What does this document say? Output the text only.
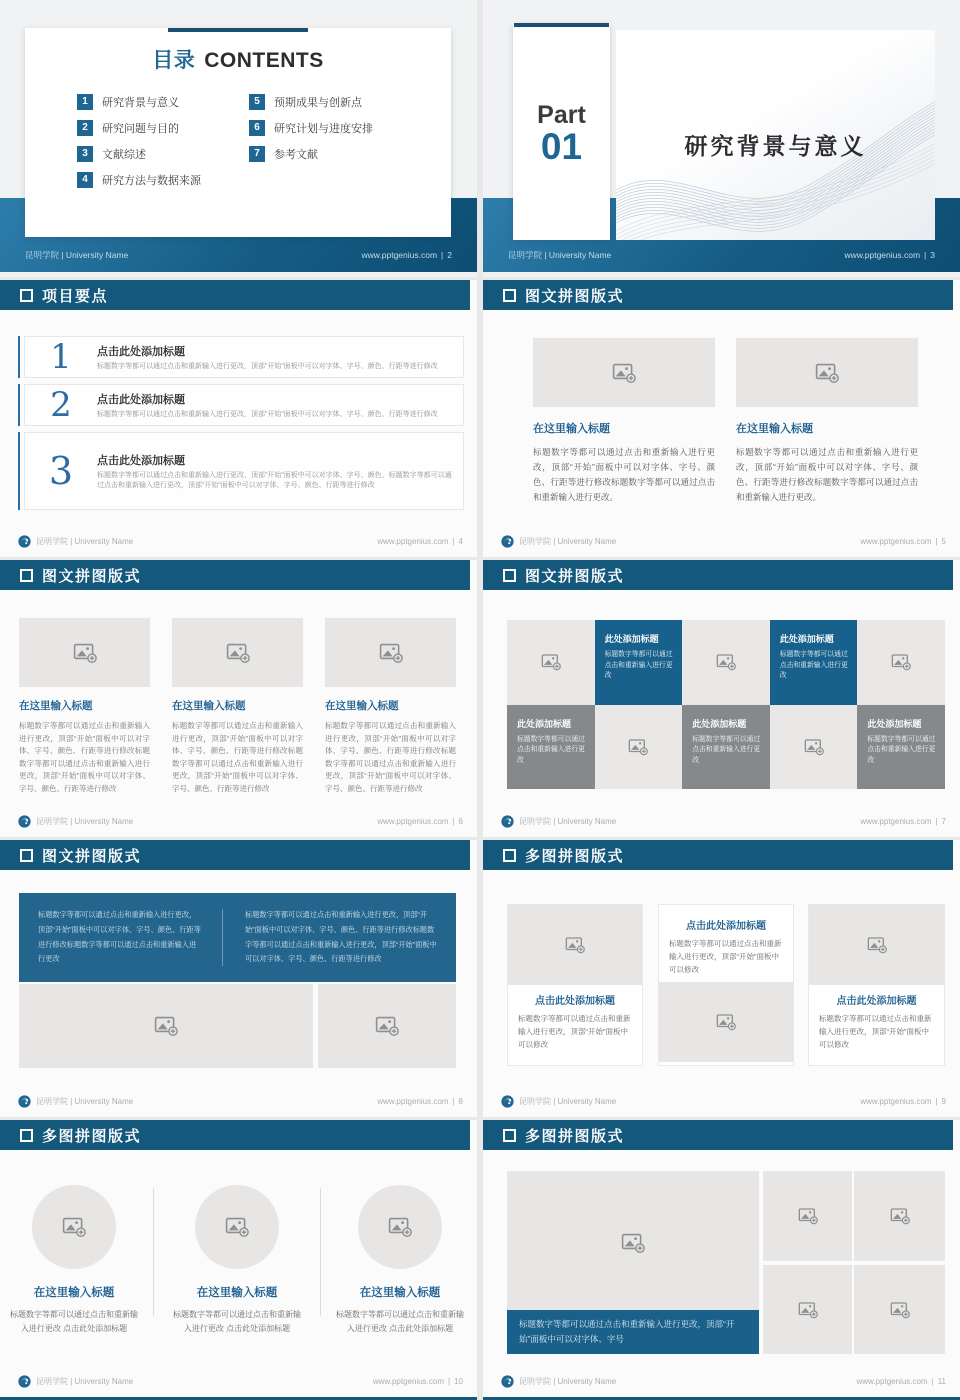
目录 CONTENTS
1	研究背景与意义
2	研究问题与目的
3	文献综述
4	研究方法与数据来源
5	预期成果与创新点
6	研究计划与进度安排
7	参考文献
昆明学院 | University Name	www.pptgenius.com | 2
研究背景与意义
Part
01
昆明学院 | University Name	www.pptgenius.com | 3
项目要点
1	点击此处添加标题
标题数字等都可以通过点击和重新输入进行更改，顶部“开始”面板中可以对字体、字号、颜色、行距等进行修改
2	点击此处添加标题
标题数字等都可以通过点击和重新输入进行更改，顶部“开始”面板中可以对字体、字号、颜色、行距等进行修改
3	点击此处添加标题
标题数字等都可以通过点击和重新输入进行更改，顶部“开始”面板中可以对字体、字号、颜色、标题数字等都可以通过点击和重新输入进行更改，顶部“开始”面板中可以对字体、字号、颜色、行距等进行修改
昆明学院 | University Name	www.pptgenius.com | 4
图文拼图版式
在这里输入标题
标题数字等都可以通过点击和重新输入进行更改，顶部“开始”面板中可以对字体、字号、颜色、行距等进行修改标题数字等都可以通过点击和重新输入进行更改。
在这里输入标题
标题数字等都可以通过点击和重新输入进行更改，顶部“开始”面板中可以对字体、字号、颜色、行距等进行修改标题数字等都可以通过点击和重新输入进行更改。
昆明学院 | University Name	www.pptgenius.com | 5
图文拼图版式
在这里输入标题
标题数字等都可以通过点击和重新输入进行更改，顶部“开始”面板中可以对字体、字号、颜色、行距等进行修改标题数字等都可以通过点击和重新输入进行更改，顶部“开始”面板中可以对字体、字号、颜色、行距等进行修改
在这里输入标题
标题数字等都可以通过点击和重新输入进行更改，顶部“开始”面板中可以对字体、字号、颜色、行距等进行修改标题数字等都可以通过点击和重新输入进行更改，顶部“开始”面板中可以对字体、字号、颜色、行距等进行修改
在这里输入标题
标题数字等都可以通过点击和重新输入进行更改，顶部“开始”面板中可以对字体、字号、颜色、行距等进行修改标题数字等都可以通过点击和重新输入进行更改，顶部“开始”面板中可以对字体、字号、颜色、行距等进行修改
昆明学院 | University Name	www.pptgenius.com | 6
图文拼图版式
此处添加标题
标题数字等都可以通过点击和重新输入进行更改
此处添加标题
标题数字等都可以通过点击和重新输入进行更改
此处添加标题
标题数字等都可以通过点击和重新输入进行更改
此处添加标题
标题数字等都可以通过点击和重新输入进行更改
此处添加标题
标题数字等都可以通过点击和重新输入进行更改
昆明学院 | University Name	www.pptgenius.com | 7
图文拼图版式
标题数字等都可以通过点击和重新输入进行更改，顶部“开始”面板中可以对字体、字号、颜色、行距等进行修改标题数字等都可以通过点击和重新输入进行更改
标题数字等都可以通过点击和重新输入进行更改，顶部“开始”面板中可以对字体、字号、颜色、行距等进行修改标题数字等都可以通过点击和重新输入进行更改，顶部“开始”面板中可以对字体、字号、颜色、行距等进行修改
昆明学院 | University Name	www.pptgenius.com | 8
多图拼图版式
点击此处添加标题
标题数字等都可以通过点击和重新输入进行更改，顶部“开始”面板中可以修改
点击此处添加标题
标题数字等都可以通过点击和重新输入进行更改，顶部“开始”面板中可以修改
点击此处添加标题
标题数字等都可以通过点击和重新输入进行更改，顶部“开始”面板中可以修改
昆明学院 | University Name	www.pptgenius.com | 9
多图拼图版式
在这里输入标题
标题数字等都可以通过点击和重新输入进行更改 点击此处添加标题
在这里输入标题
标题数字等都可以通过点击和重新输入进行更改 点击此处添加标题
在这里输入标题
标题数字等都可以通过点击和重新输入进行更改 点击此处添加标题
昆明学院 | University Name	www.pptgenius.com | 10
多图拼图版式
标题数字等都可以通过点击和重新输入进行更改，顶部“开始”面板中可以对字体、字号
昆明学院 | University Name	www.pptgenius.com | 11
